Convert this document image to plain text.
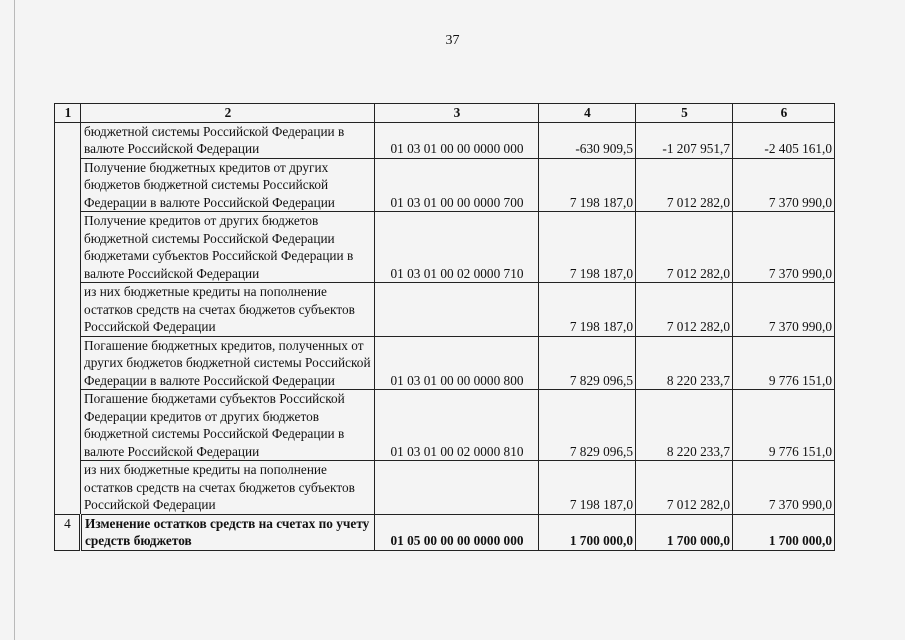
37
1	2	3	4	5	6
	бюджетной системы Российской Федерации в валюте Российской Федерации	01 03 01 00 00 0000 000	-630 909,5	-1 207 951,7	-2 405 161,0
	Получение бюджетных кредитов от других бюджетов бюджетной системы Российской Федерации в валюте Российской Федерации	01 03 01 00 00 0000 700	7 198 187,0	7 012 282,0	7 370 990,0
	Получение кредитов от других бюджетов бюджетной системы Российской Федерации бюджетами субъектов Российской Федерации в валюте Российской Федерации	01 03 01 00 02 0000 710	7 198 187,0	7 012 282,0	7 370 990,0
	из них бюджетные кредиты на пополнение остатков средств на счетах бюджетов субъектов Российской Федерации		7 198 187,0	7 012 282,0	7 370 990,0
	Погашение бюджетных кредитов, полученных от других бюджетов бюджетной системы Российской Федерации в валюте Российской Федерации	01 03 01 00 00 0000 800	7 829 096,5	8 220 233,7	9 776 151,0
	Погашение бюджетами субъектов Российской Федерации кредитов от других бюджетов бюджетной системы Российской Федерации в валюте Российской Федерации	01 03 01 00 02 0000 810	7 829 096,5	8 220 233,7	9 776 151,0
	из них бюджетные кредиты на пополнение остатков средств на счетах бюджетов субъектов Российской Федерации		7 198 187,0	7 012 282,0	7 370 990,0
4	Изменение остатков средств на счетах по учету средств бюджетов	01 05 00 00 00 0000 000	1 700 000,0	1 700 000,0	1 700 000,0
